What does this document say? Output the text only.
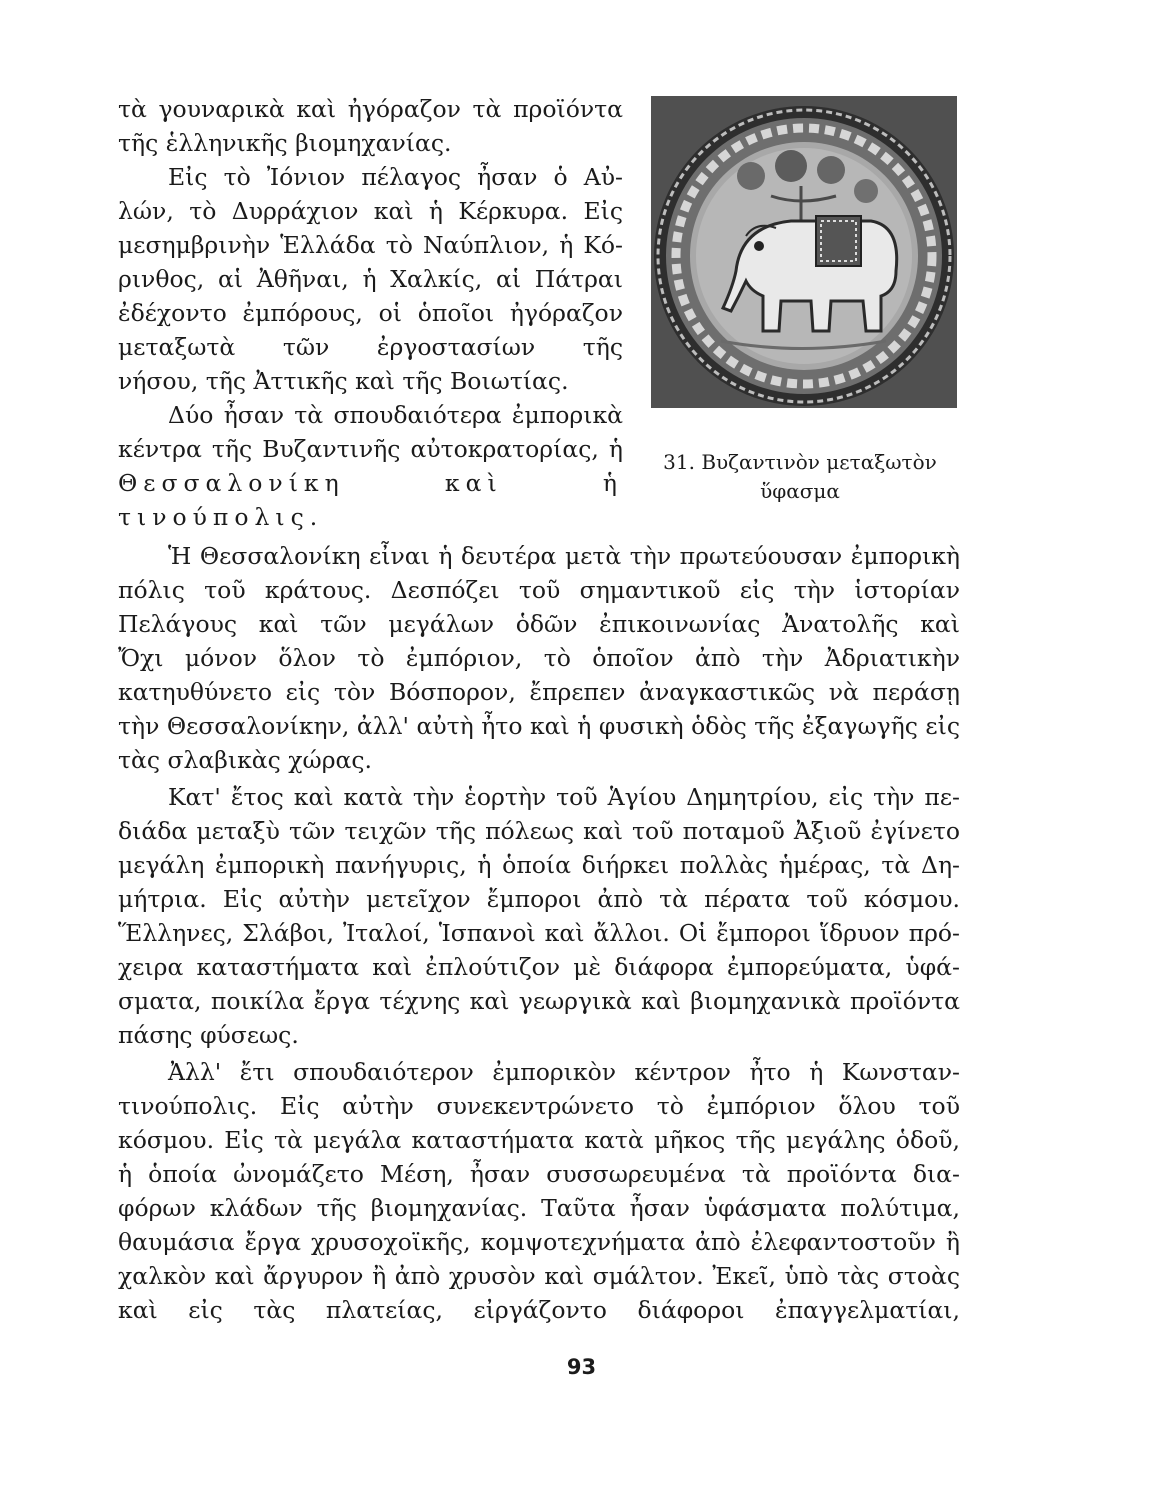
31. Βυζαντινὸν μεταξωτὸν
ὕφασμα
τὰ γουναρικὰ καὶ ἠγόραζον τὰ προϊόντα
τῆς ἑλληνικῆς βιομηχανίας.
Εἰς τὸ Ἰόνιον πέλαγος ἦσαν ὁ Αὐ-
λών, τὸ Δυρράχιον καὶ ἡ Κέρκυρα. Εἰς
μεσημβρινὴν Ἑλλάδα τὸ Ναύπλιον, ἡ Κό-
ρινθος, αἱ Ἀθῆναι, ἡ Χαλκίς, αἱ Πάτραι
ἐδέχοντο ἐμπόρους, οἱ ὁποῖοι ἠγόραζον
μεταξωτὰ τῶν ἐργοστασίων τῆς
νήσου, τῆς Ἀττικῆς καὶ τῆς Βοιωτίας.
Δύο ἦσαν τὰ σπουδαιότερα ἐμπορικὰ
κέντρα τῆς Βυζαντινῆς αὐτοκρατορίας, ἡ
Θεσσαλονίκη καὶ ἡ
τινούπολις.
Ἡ Θεσσαλονίκη εἶναι ἡ δευτέρα μετὰ τὴν πρωτεύουσαν ἐμπορικὴ
πόλις τοῦ κράτους. Δεσπόζει τοῦ σημαντικοῦ εἰς τὴν ἱστορίαν
Πελάγους καὶ τῶν μεγάλων ὁδῶν ἐπικοινωνίας Ἀνατολῆς καὶ
Ὄχι μόνον ὅλον τὸ ἐμπόριον, τὸ ὁποῖον ἀπὸ τὴν Ἀδριατικὴν
κατηυθύνετο εἰς τὸν Βόσπορον, ἔπρεπεν ἀναγκαστικῶς νὰ περάσῃ
τὴν Θεσσαλονίκην, ἀλλ' αὐτὴ ἦτο καὶ ἡ φυσικὴ ὁδὸς τῆς ἐξαγωγῆς εἰς
τὰς σλαβικὰς χώρας.
Κατ' ἔτος καὶ κατὰ τὴν ἑορτὴν τοῦ Ἁγίου Δημητρίου, εἰς τὴν πε-
διάδα μεταξὺ τῶν τειχῶν τῆς πόλεως καὶ τοῦ ποταμοῦ Ἀξιοῦ ἐγίνετο
μεγάλη ἐμπορικὴ πανήγυρις, ἡ ὁποία διήρκει πολλὰς ἡμέρας, τὰ Δη-
μήτρια. Εἰς αὐτὴν μετεῖχον ἔμποροι ἀπὸ τὰ πέρατα τοῦ κόσμου.
Ἕλληνες, Σλάβοι, Ἰταλοί, Ἱσπανοὶ καὶ ἄλλοι. Οἱ ἔμποροι ἵδρυον πρό-
χειρα καταστήματα καὶ ἐπλούτιζον μὲ διάφορα ἐμπορεύματα, ὑφά-
σματα, ποικίλα ἔργα τέχνης καὶ γεωργικὰ καὶ βιομηχανικὰ προϊόντα
πάσης φύσεως.
Ἀλλ' ἔτι σπουδαιότερον ἐμπορικὸν κέντρον ἦτο ἡ Κωνσταν-
τινούπολις. Εἰς αὐτὴν συνεκεντρώνετο τὸ ἐμπόριον ὅλου τοῦ
κόσμου. Εἰς τὰ μεγάλα καταστήματα κατὰ μῆκος τῆς μεγάλης ὁδοῦ,
ἡ ὁποία ὠνομάζετο Μέση, ἦσαν συσσωρευμένα τὰ προϊόντα δια-
φόρων κλάδων τῆς βιομηχανίας. Ταῦτα ἦσαν ὑφάσματα πολύτιμα,
θαυμάσια ἔργα χρυσοχοϊκῆς, κομψοτεχνήματα ἀπὸ ἐλεφαντοστοῦν ἢ
χαλκὸν καὶ ἄργυρον ἢ ἀπὸ χρυσὸν καὶ σμάλτον. Ἐκεῖ, ὑπὸ τὰς στοὰς
καὶ εἰς τὰς πλατείας, εἰργάζοντο διάφοροι ἐπαγγελματίαι,
93
